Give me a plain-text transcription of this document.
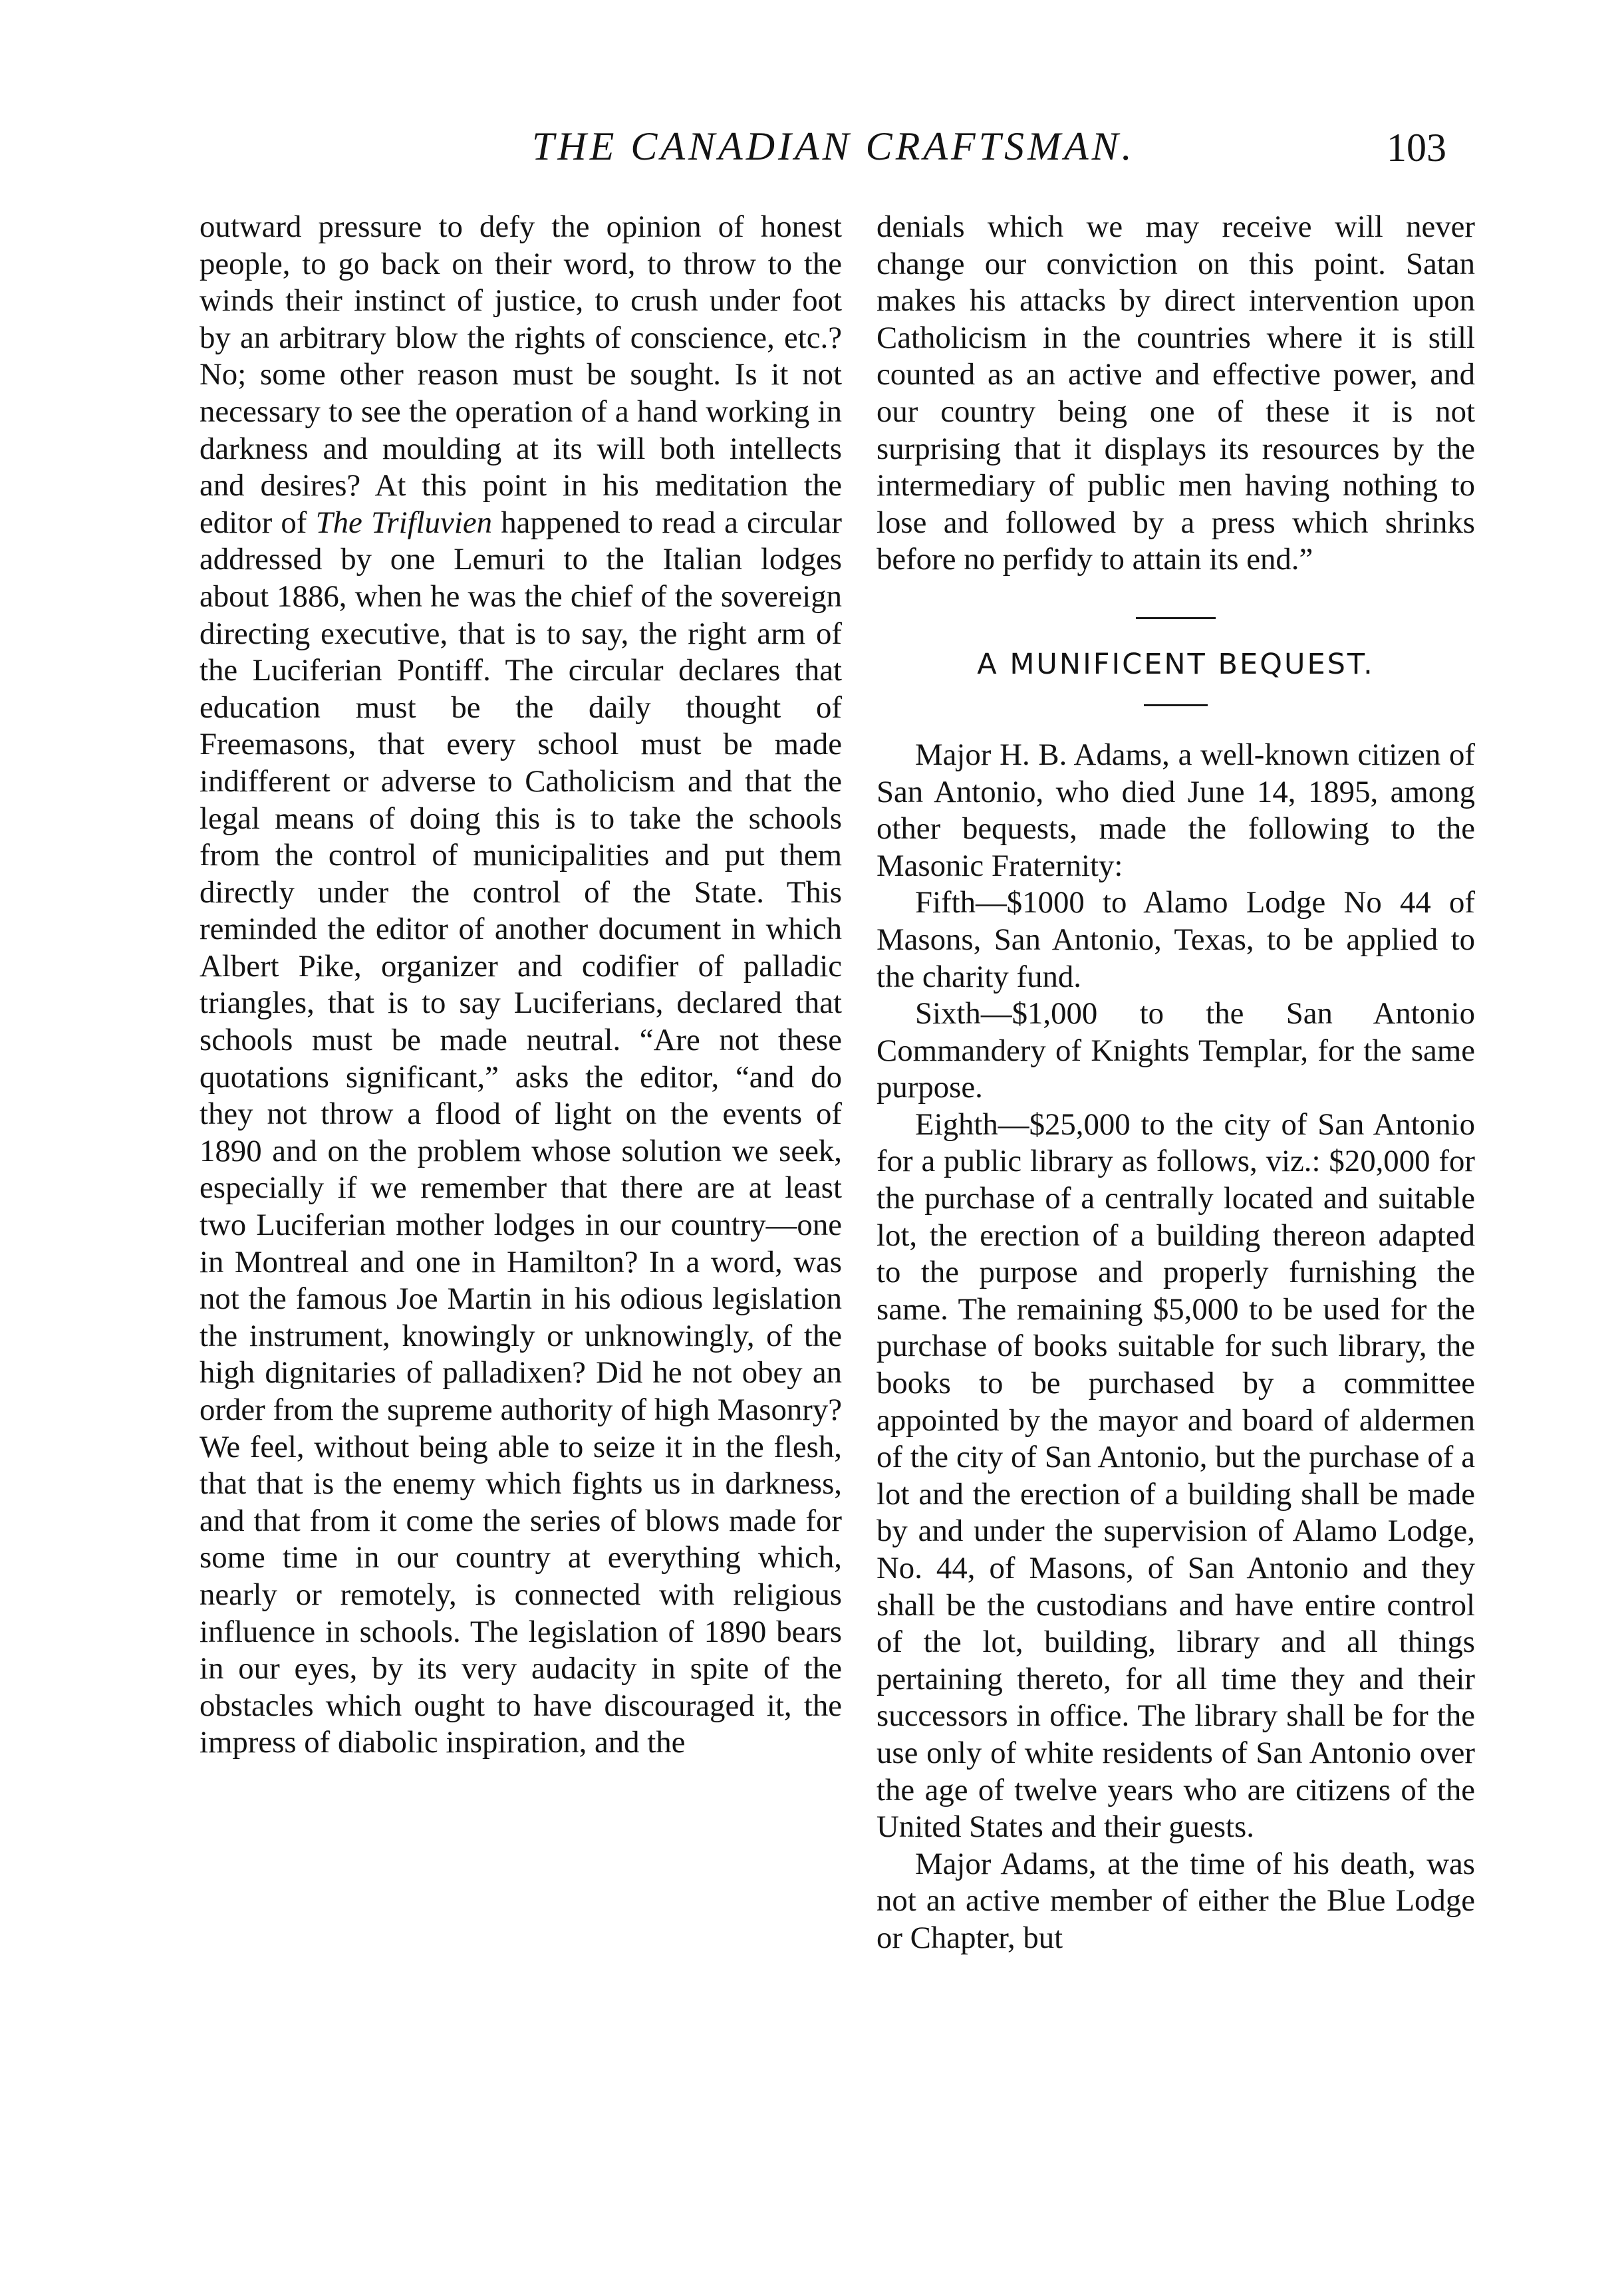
THE CANADIAN CRAFTSMAN.	103

outward pressure to defy the opinion of honest people, to go back on their word, to throw to the winds their instinct of justice, to crush under foot by an arbitrary blow the rights of conscience, etc.? No; some other reason must be sought. Is it not necessary to see the operation of a hand working in darkness and moulding at its will both intellects and desires? At this point in his meditation the editor of The Trifluvien happened to read a circular addressed by one Lemuri to the Italian lodges about 1886, when he was the chief of the sovereign directing executive, that is to say, the right arm of the Luciferian Pontiff. The circular declares that education must be the daily thought of Freemasons, that every school must be made indifferent or adverse to Catholicism and that the legal means of doing this is to take the schools from the control of municipalities and put them directly under the control of the State. This reminded the editor of another document in which Albert Pike, organizer and codifier of palladic triangles, that is to say Luciferians, declared that schools must be made neutral. “Are not these quotations significant,” asks the editor, “and do they not throw a flood of light on the events of 1890 and on the problem whose solution we seek, especially if we remember that there are at least two Luciferian mother lodges in our country—one in Montreal and one in Hamilton? In a word, was not the famous Joe Martin in his odious legislation the instrument, knowingly or unknowingly, of the high dignitaries of palladixen? Did he not obey an order from the supreme authority of high Masonry? We feel, without being able to seize it in the flesh, that that is the enemy which fights us in darkness, and that from it come the series of blows made for some time in our country at everything which, nearly or remotely, is connected with religious influence in schools. The legislation of 1890 bears in our eyes, by its very audacity in spite of the obstacles which ought to have discouraged it, the impress of diabolic inspiration, and the

denials which we may receive will never change our conviction on this point. Satan makes his attacks by direct intervention upon Catholicism in the countries where it is still counted as an active and effective power, and our country being one of these it is not surprising that it displays its resources by the intermediary of public men having nothing to lose and followed by a press which shrinks before no perfidy to attain its end.”

A MUNIFICENT BEQUEST.

Major H. B. Adams, a well-known citizen of San Antonio, who died June 14, 1895, among other bequests, made the following to the Masonic Fraternity:

Fifth—$1000 to Alamo Lodge No 44 of Masons, San Antonio, Texas, to be applied to the charity fund.

Sixth—$1,000 to the San Antonio Commandery of Knights Templar, for the same purpose.

Eighth—$25,000 to the city of San Antonio for a public library as follows, viz.: $20,000 for the purchase of a centrally located and suitable lot, the erection of a building thereon adapted to the purpose and properly furnishing the same. The remaining $5,000 to be used for the purchase of books suitable for such library, the books to be purchased by a committee appointed by the mayor and board of aldermen of the city of San Antonio, but the purchase of a lot and the erection of a building shall be made by and under the supervision of Alamo Lodge, No. 44, of Masons, of San Antonio and they shall be the custodians and have entire control of the lot, building, library and all things pertaining thereto, for all time they and their successors in office. The library shall be for the use only of white residents of San Antonio over the age of twelve years who are citizens of the United States and their guests.

Major Adams, at the time of his death, was not an active member of either the Blue Lodge or Chapter, but
